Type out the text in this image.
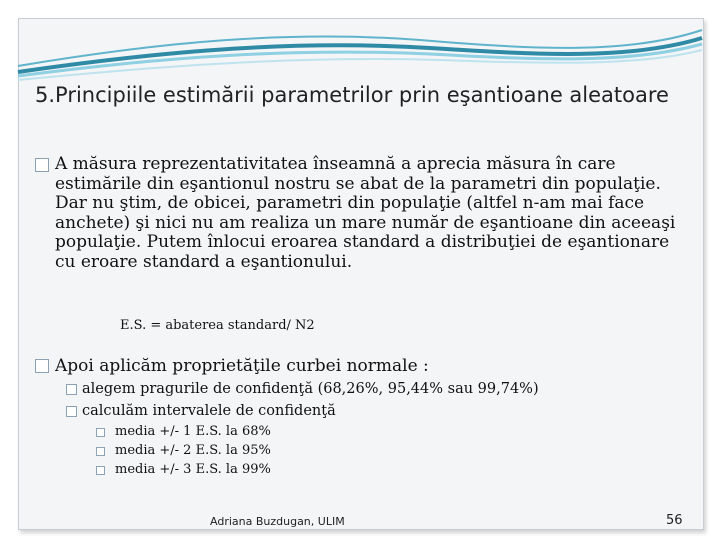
5.Principiile estimării parametrilor prin eşantioane aleatoare
A măsura reprezentativitatea înseamnă a aprecia măsura în care estimările din eşantionul nostru se abat de la parametri din populaţie. Dar nu ştim, de obicei, parametri din populaţie (altfel n-am mai face anchete) şi nici nu am realiza un mare număr de eşantioane din aceeaşi populaţie. Putem înlocui eroarea standard a distribuţiei de eşantionare cu eroare standard a eşantionului.
E.S. = abaterea standard/ N2
Apoi aplicăm proprietăţile curbei normale :
alegem pragurile de confidenţă (68,26%, 95,44% sau 99,74%)
calculăm intervalele de confidenţă
media +/- 1 E.S. la 68%
media +/- 2 E.S. la 95%
media +/- 3 E.S. la 99%
Adriana Buzdugan, ULIM	56
